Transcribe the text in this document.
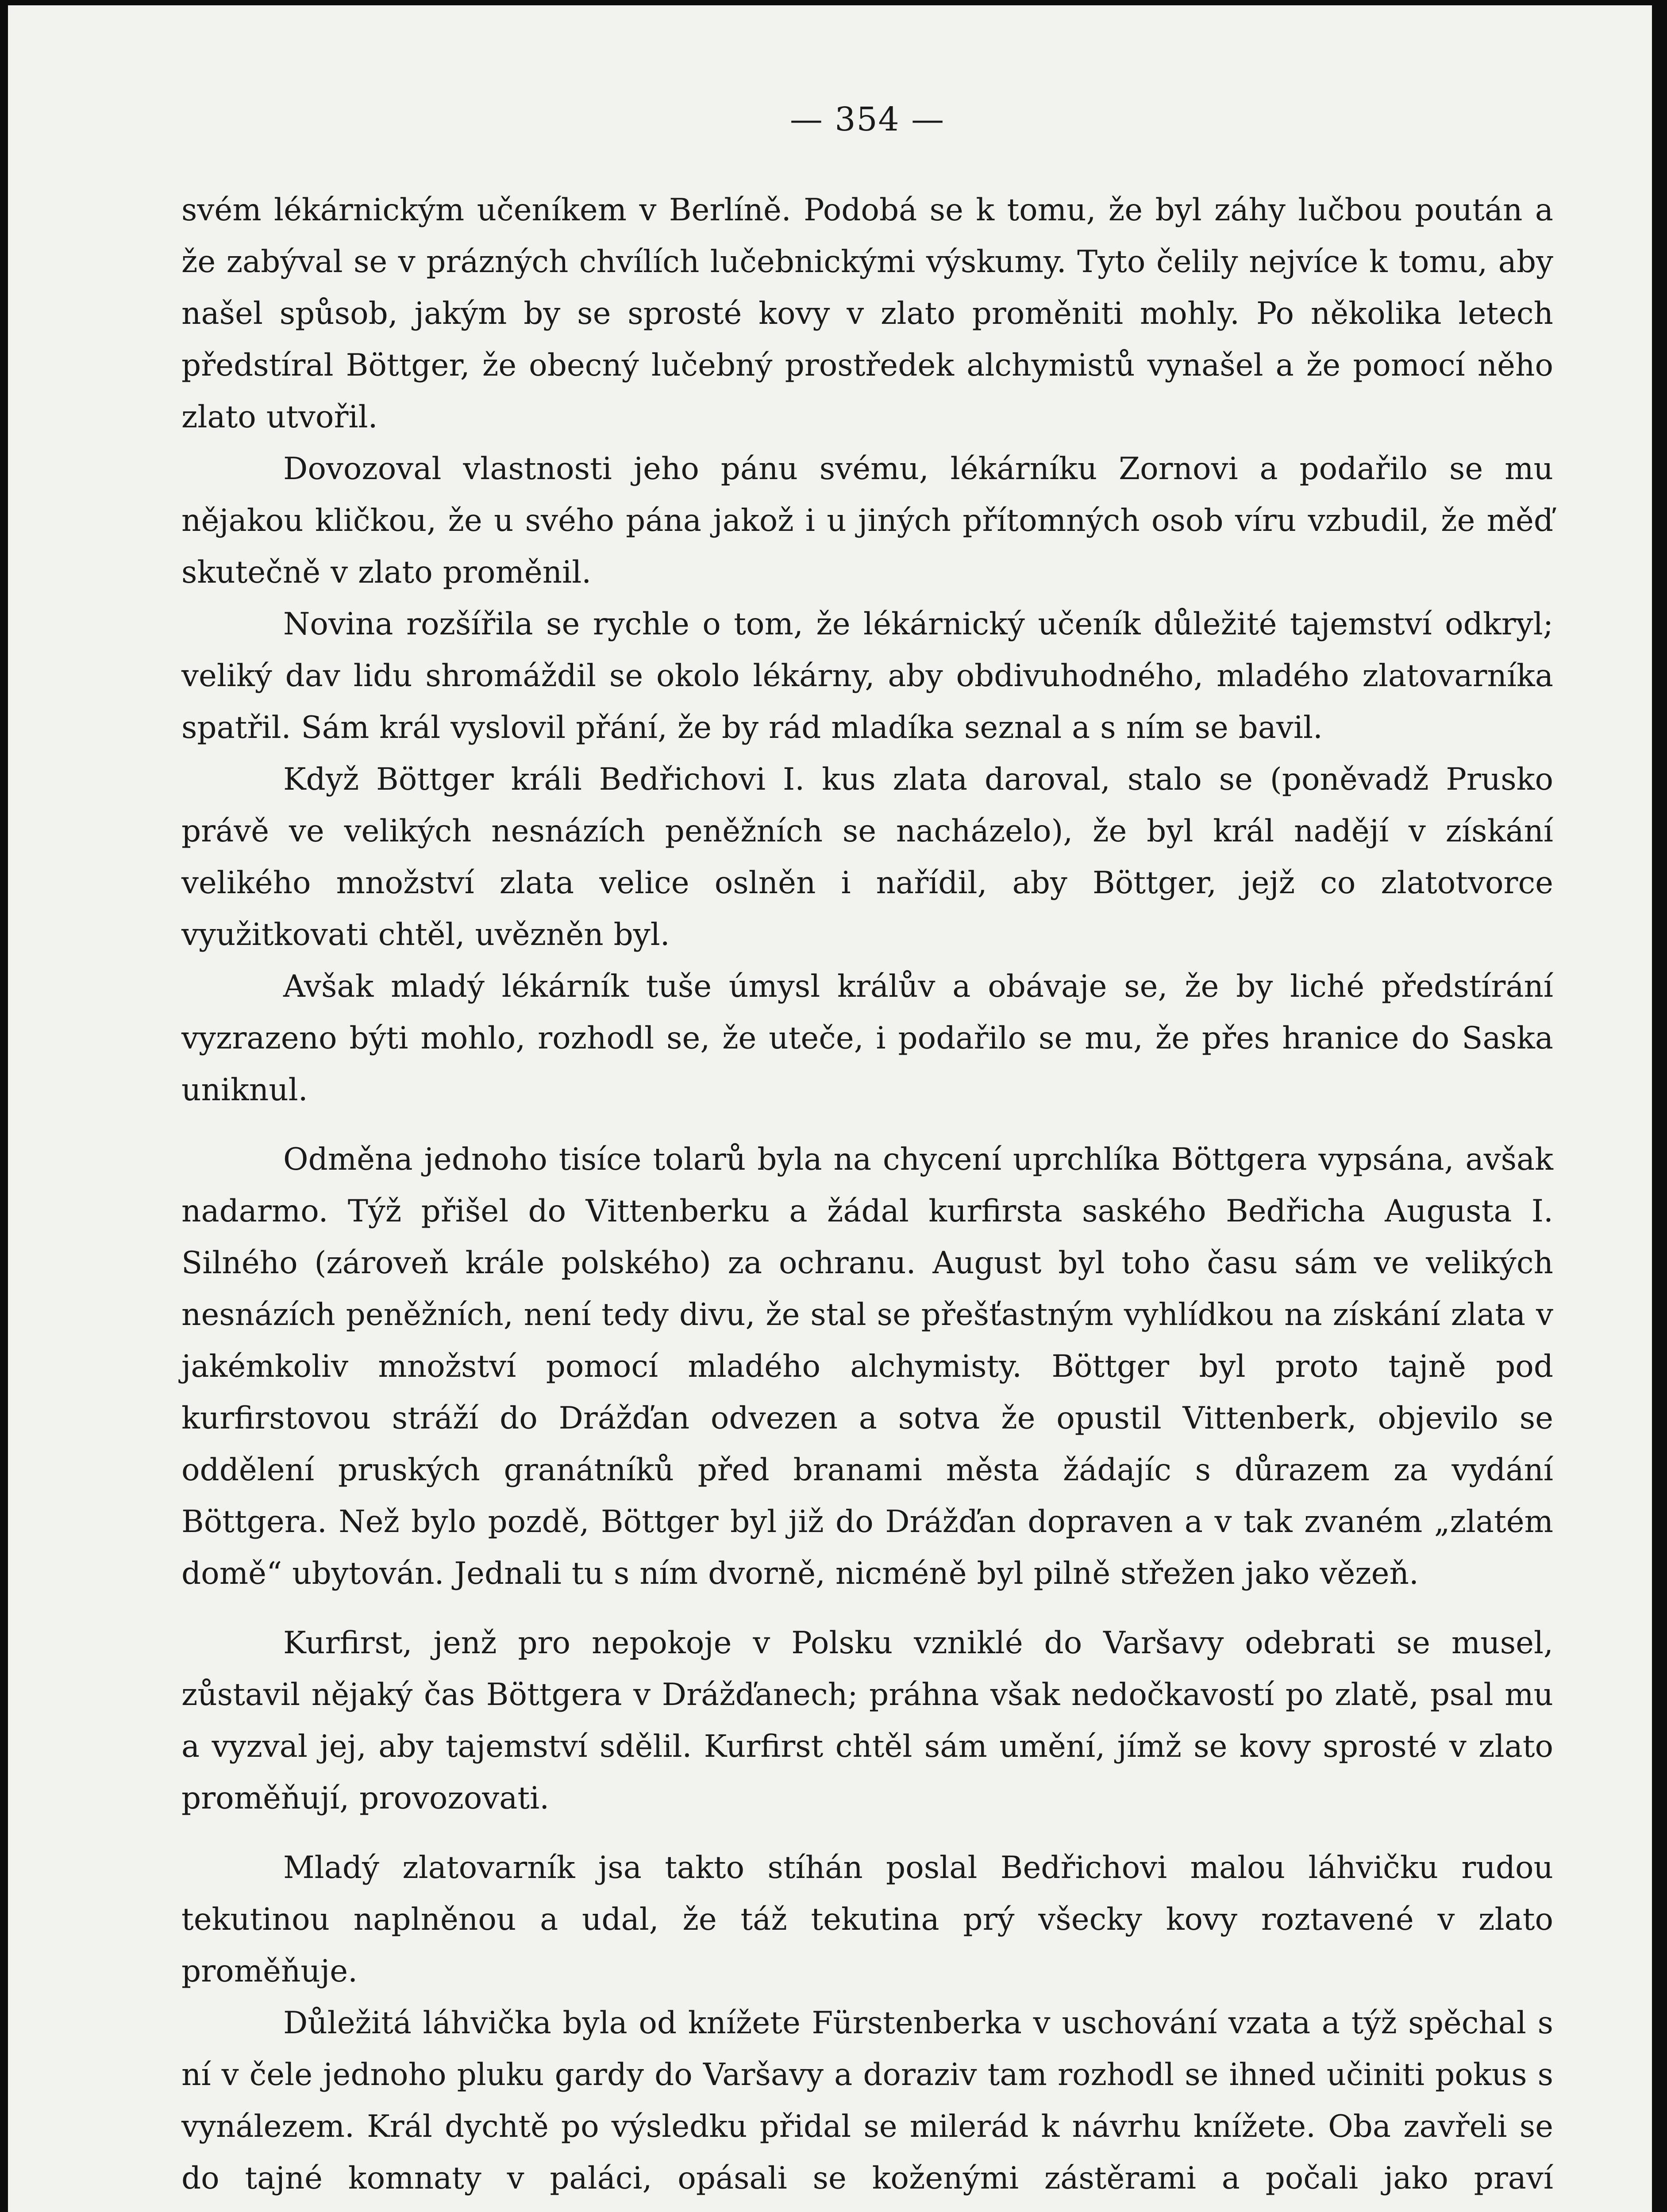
— 354 —

svém lékárnickým učeníkem v Berlíně. Podobá se k tomu, že byl záhy lučbou poután a že zabýval se v prázných chvílích lučebnickými výskumy. Tyto čelily nejvíce k tomu, aby našel spůsob, jakým by se sprosté kovy v zlato proměniti mohly. Po několika letech předstíral Böttger, že obecný lučebný prostředek alchymistů vynašel a že pomocí něho zlato utvořil.

Dovozoval vlastnosti jeho pánu svému, lékárníku Zornovi a podařilo se mu nějakou kličkou, že u svého pána jakož i u jiných přítomných osob víru vzbudil, že měď skutečně v zlato proměnil.

Novina rozšířila se rychle o tom, že lékárnický učeník důležité tajemství odkryl; veliký dav lidu shromáždil se okolo lékárny, aby obdivuhodného, mladého zlatovarníka spatřil. Sám král vyslovil přání, že by rád mladíka seznal a s ním se bavil.

Když Böttger králi Bedřichovi I. kus zlata daroval, stalo se (poněvadž Prusko právě ve velikých nesnázích peněžních se nacházelo), že byl král nadějí v získání velikého množství zlata velice oslněn i nařídil, aby Böttger, jejž co zlatotvorce využitkovati chtěl, uvězněn byl.

Avšak mladý lékárník tuše úmysl králův a obávaje se, že by liché předstírání vyzrazeno býti mohlo, rozhodl se, že uteče, i podařilo se mu, že přes hranice do Saska uniknul.

Odměna jednoho tisíce tolarů byla na chycení uprchlíka Böttgera vypsána, avšak nadarmo. Týž přišel do Vittenberku a žádal kurfirsta saského Bedřicha Augusta I. Silného (zároveň krále polského) za ochranu. August byl toho času sám ve velikých nesnázích peněžních, není tedy divu, že stal se přešťastným vyhlídkou na získání zlata v jakémkoliv množství pomocí mladého alchymisty. Böttger byl proto tajně pod kurfirstovou stráží do Drážďan odvezen a sotva že opustil Vittenberk, objevilo se oddělení pruských granátníků před branami města žádajíc s důrazem za vydání Böttgera. Než bylo pozdě, Böttger byl již do Drážďan dopraven a v tak zvaném „zlatém domě“ ubytován. Jednali tu s ním dvorně, nicméně byl pilně střežen jako vězeň.

Kurfirst, jenž pro nepokoje v Polsku vzniklé do Varšavy odebrati se musel, zůstavil nějaký čas Böttgera v Drážďanech; práhna však nedočkavostí po zlatě, psal mu a vyzval jej, aby tajemství sdělil. Kurfirst chtěl sám umění, jímž se kovy sprosté v zlato proměňují, provozovati.

Mladý zlatovarník jsa takto stíhán poslal Bedřichovi malou láhvičku rudou tekutinou naplněnou a udal, že táž tekutina prý všecky kovy roztavené v zlato proměňuje.

Důležitá láhvička byla od knížete Fürstenberka v uschování vzata a týž spěchal s ní v čele jednoho pluku gardy do Varšavy a doraziv tam rozhodl se ihned učiniti pokus s vynálezem. Král dychtě po výsledku přidal se milerád k návrhu knížete. Oba zavřeli se do tajné komnaty v paláci, opásali se koženými zástěrami a počali jako praví
